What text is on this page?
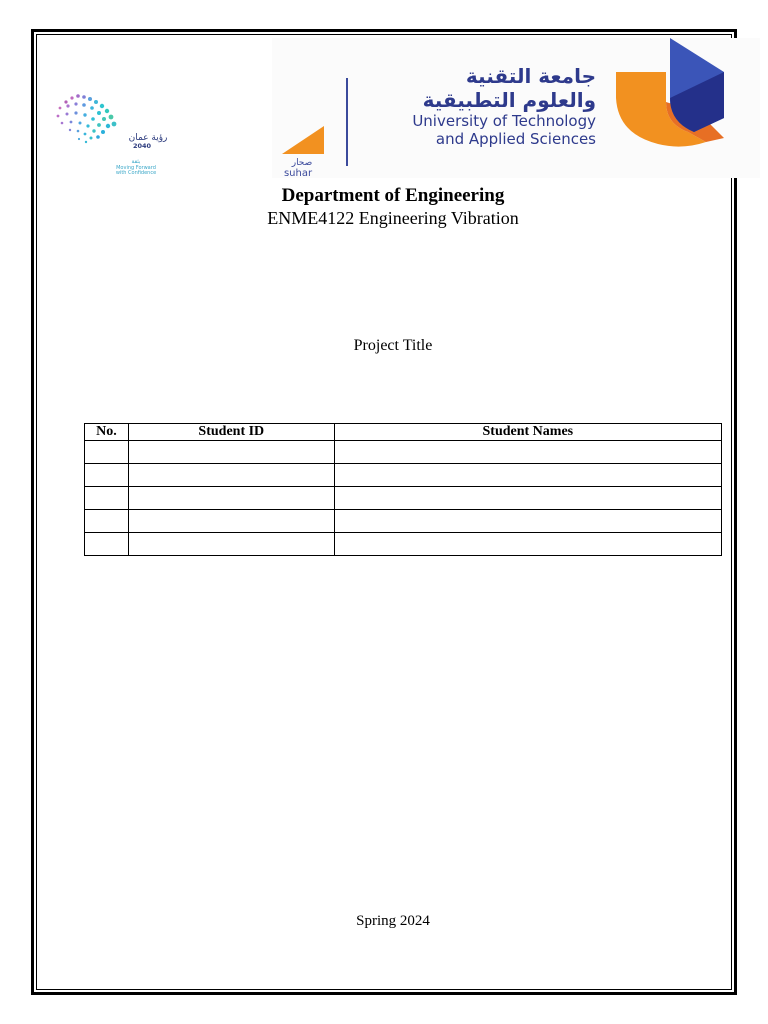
رؤية عمان
2040
بثقة
Moving Forward
with Confidence
صحار
suhar
جامعة التقنية
والعلوم التطبيقية
University of Technology
and Applied Sciences
Department of Engineering
ENME4122 Engineering Vibration
Project Title
No.	Student ID	Student Names

Spring 2024
